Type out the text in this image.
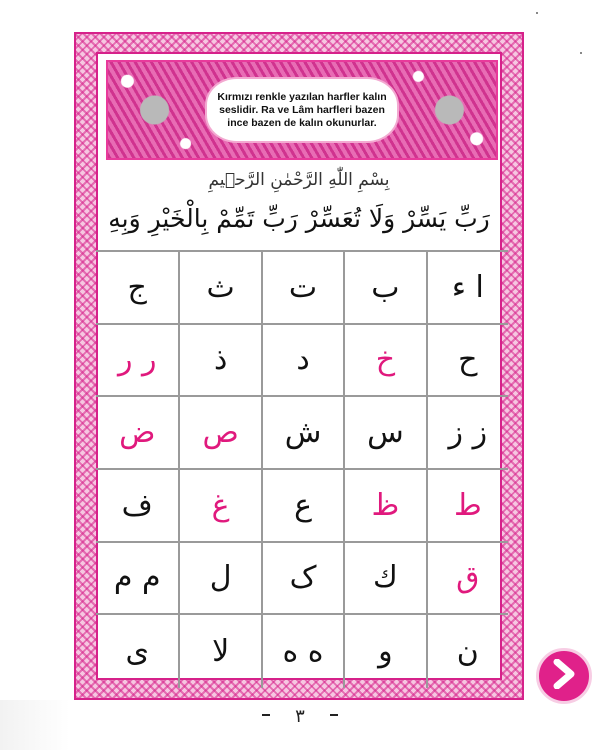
Kırmızı renkle yazılan harfler kalın seslidir. Ra ve Lâm harfleri bazen ince bazen de kalın okunurlar.
بِسْمِ اللّٰهِ الرَّحْمٰنِ الرَّح۪يمِ
رَبِّ يَسِّرْ وَلَا تُعَسِّرْ رَبِّ تَمِّمْ بِالْخَيْرِ وَبِهِ
ا ء
ب
ت
ث
ج
ح
خ
د
ذ
ر ر
ز ز
س
ش
ص
ض
ط
ظ
ع
غ
ف
ق
ك
ک
ل
م م
ن
و
ه ه
لا
ى
٣
